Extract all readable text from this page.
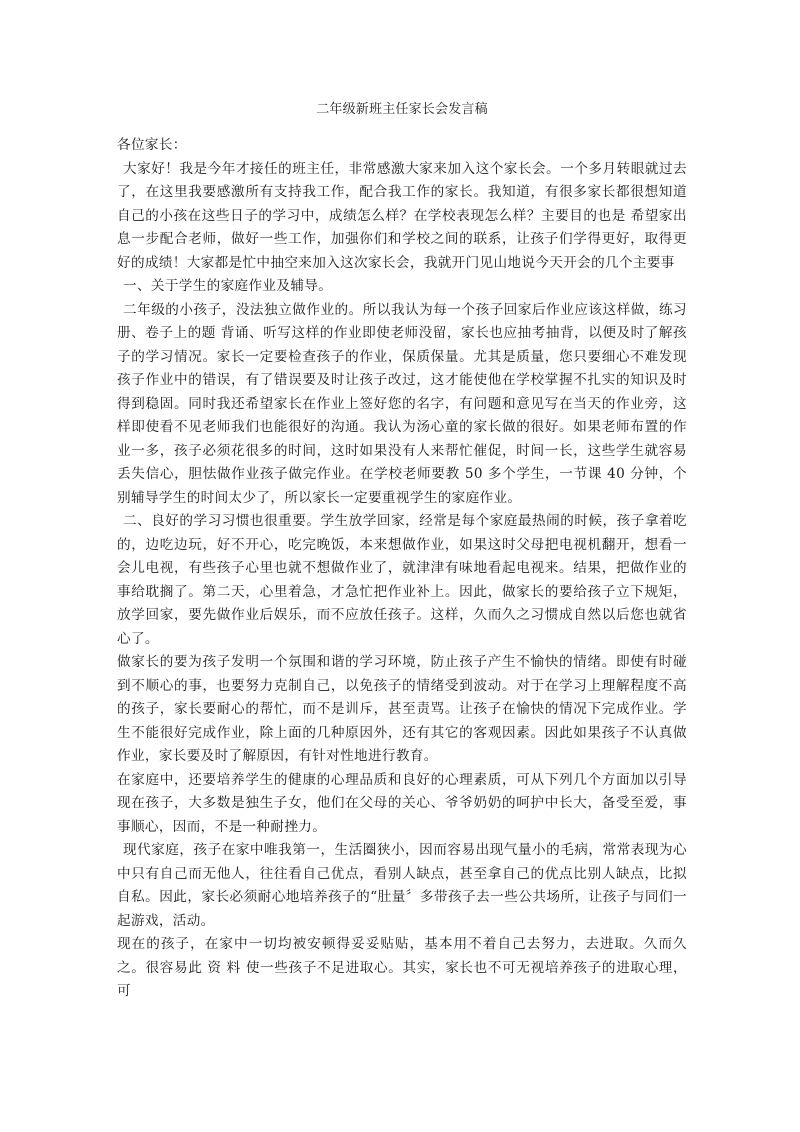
二年级新班主任家长会发言稿

各位家长：

大家好！我是今年才接任的班主任，非常感激大家来加入这个家长会。一个多月转眼就过去了，在这里我要感激所有支持我工作，配合我工作的家长。我知道，有很多家长都很想知道自己的小孩在这些日子的学习中，成绩怎么样？在学校表现怎么样？主要目的也是 希望家出息一步配合老师，做好一些工作，加强你们和学校之间的联系，让孩子们学得更好，取得更好的成绩！大家都是忙中抽空来加入这次家长会，我就开门见山地说今天开会的几个主要事

一、关于学生的家庭作业及辅导。

二年级的小孩子，没法独立做作业的。所以我认为每一个孩子回家后作业应该这样做，练习册、卷子上的题 背诵、听写这样的作业即使老师没留，家长也应抽考抽背，以便及时了解孩子的学习情况。家长一定要检查孩子的作业，保质保量。尤其是质量，您只要细心不难发现孩子作业中的错误，有了错误要及时让孩子改过，这才能使他在学校掌握不扎实的知识及时得到稳固。同时我还希望家长在作业上签好您的名字，有问题和意见写在当天的作业旁，这样即使看不见老师我们也能很好的沟通。我认为汤心童的家长做的很好。如果老师布置的作业一多，孩子必须花很多的时间，这时如果没有人来帮忙催促，时间一长，这些学生就容易丢失信心，胆怯做作业孩子做完作业。在学校老师要教 50 多个学生，一节课 40 分钟，个别辅导学生的时间太少了，所以家长一定要重视学生的家庭作业。

二、良好的学习习惯也很重要。学生放学回家，经常是每个家庭最热闹的时候，孩子拿着吃的，边吃边玩，好不开心，吃完晚饭，本来想做作业，如果这时父母把电视机翻开，想看一会儿电视，有些孩子心里也就不想做作业了，就津津有味地看起电视来。结果，把做作业的事给耽搁了。第二天，心里着急，才急忙把作业补上。因此，做家长的要给孩子立下规矩，放学回家，要先做作业后娱乐，而不应放任孩子。这样，久而久之习惯成自然以后您也就省心了。

做家长的要为孩子发明一个氛围和谐的学习环境，防止孩子产生不愉快的情绪。即使有时碰到不顺心的事，也要努力克制自己，以免孩子的情绪受到波动。对于在学习上理解程度不高的孩子，家长要耐心的帮忙，而不是训斥，甚至责骂。让孩子在愉快的情况下完成作业。学生不能很好完成作业，除上面的几种原因外，还有其它的客观因素。因此如果孩子不认真做作业，家长要及时了解原因，有针对性地进行教育。

在家庭中，还要培养学生的健康的心理品质和良好的心理素质，可从下列几个方面加以引导现在孩子，大多数是独生子女，他们在父母的关心、爷爷奶奶的呵护中长大，备受至爱，事事顺心，因而，不是一种耐挫力。

现代家庭，孩子在家中唯我第一，生活圈狭小，因而容易出现气量小的毛病，常常表现为心中只有自己而无他人，往往看自己优点，看别人缺点，甚至拿自己的优点比别人缺点，比拟自私。因此，家长必须耐心地培养孩子的“肚量〞多带孩子去一些公共场所，让孩子与同们一起游戏，活动。

现在的孩子，在家中一切均被安顿得妥妥贴贴，基本用不着自己去努力，去进取。久而久之。很容易此 资 料 使一些孩子不足进取心。其实，家长也不可无视培养孩子的进取心理，可
